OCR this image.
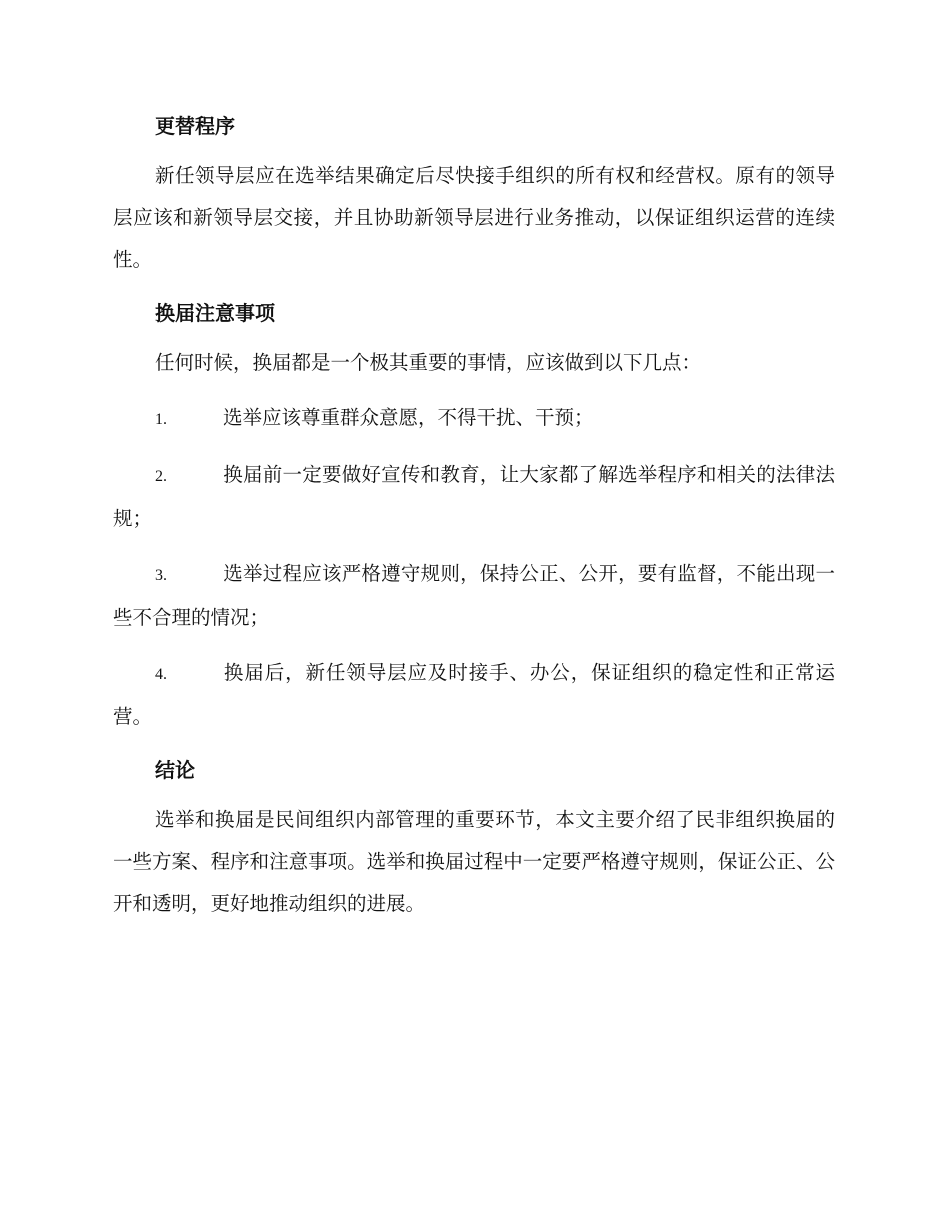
更替程序

新任领导层应在选举结果确定后尽快接手组织的所有权和经营权。原有的领导层应该和新领导层交接，并且协助新领导层进行业务推动，以保证组织运营的连续性。

换届注意事项

任何时候，换届都是一个极其重要的事情，应该做到以下几点：

1.	选举应该尊重群众意愿，不得干扰、干预；

2.	换届前一定要做好宣传和教育，让大家都了解选举程序和相关的法律法规；

3.	选举过程应该严格遵守规则，保持公正、公开，要有监督，不能出现一些不合理的情况；

4.	换届后，新任领导层应及时接手、办公，保证组织的稳定性和正常运营。

结论

选举和换届是民间组织内部管理的重要环节，本文主要介绍了民非组织换届的一些方案、程序和注意事项。选举和换届过程中一定要严格遵守规则，保证公正、公开和透明，更好地推动组织的进展。
